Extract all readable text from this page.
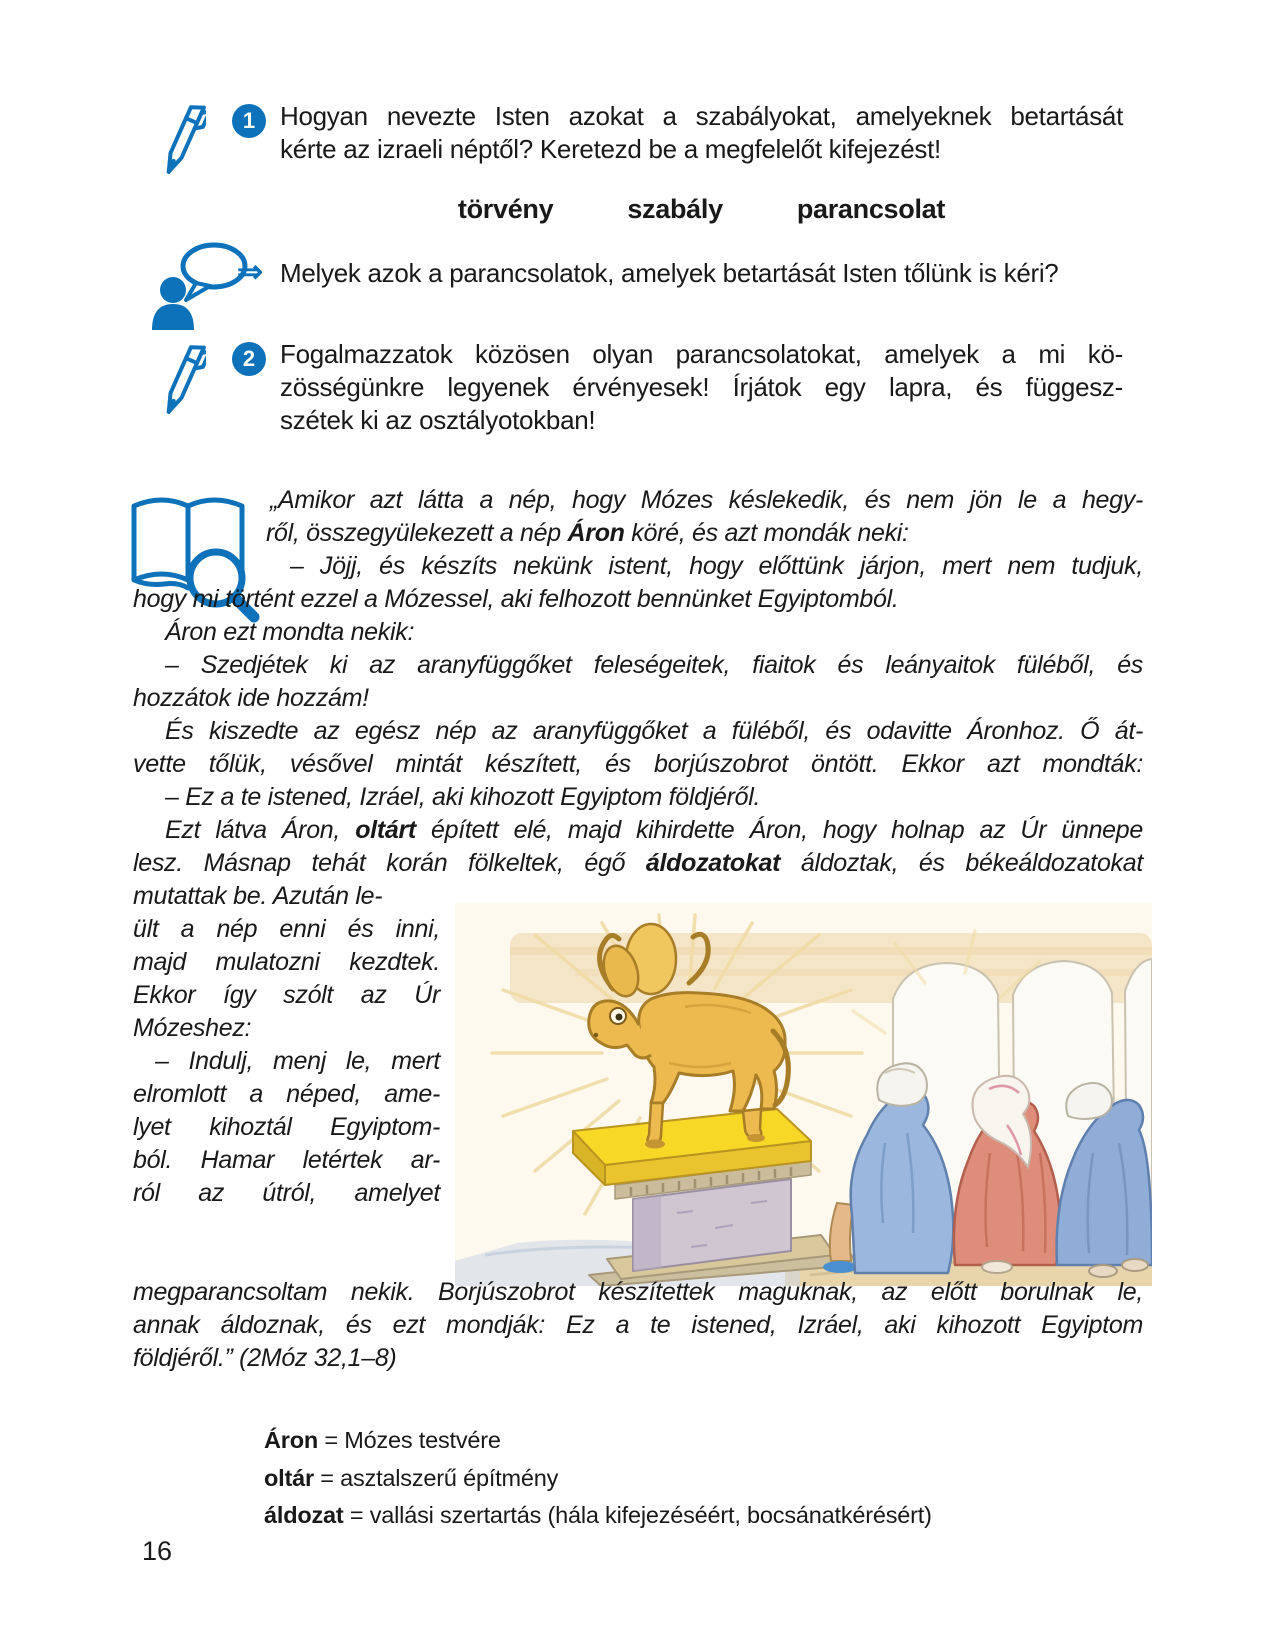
1 Hogyan nevezte Isten azokat a szabályokat, amelyeknek betartását
kérte az izraeli néptől? Keretezd be a megfelelőt kifejezést!
törvény	szabály	parancsolat
⇒ Melyek azok a parancsolatok, amelyek betartását Isten tőlünk is kéri?
2 Fogalmazzatok közösen olyan parancsolatokat, amelyek a mi kö-
zösségünkre legyenek érvényesek! Írjátok egy lapra, és függesz-
szétek ki az osztályotokban!
„Amikor azt látta a nép, hogy Mózes késlekedik, és nem jön le a hegy-
ről, összegyülekezett a nép Áron köré, és azt mondák neki:
– Jöjj, és készíts nekünk istent, hogy előttünk járjon, mert nem tudjuk,
hogy mi történt ezzel a Mózessel, aki felhozott bennünket Egyiptomból.
Áron ezt mondta nekik:
– Szedjétek ki az aranyfüggőket feleségeitek, fiaitok és leányaitok füléből, és
hozzátok ide hozzám!
És kiszedte az egész nép az aranyfüggőket a füléből, és odavitte Áronhoz. Ő át-
vette tőlük, vésővel mintát készített, és borjúszobrot öntött. Ekkor azt mondták:
– Ez a te istened, Izráel, aki kihozott Egyiptom földjéről.
Ezt látva Áron, oltárt épített elé, majd kihirdette Áron, hogy holnap az Úr ünnepe
lesz. Másnap tehát korán fölkeltek, égő áldozatokat áldoztak, és békeáldozatokat
mutattak be. Azután le-
ült a nép enni és inni,
majd mulatozni kezdtek.
Ekkor így szólt az Úr
Mózeshez:
– Indulj, menj le, mert
elromlott a néped, ame-
lyet kihoztál Egyiptom-
ból. Hamar letértek ar-
ról az útról, amelyet
megparancsoltam nekik. Borjúszobrot készítettek maguknak, az előtt borulnak le,
annak áldoznak, és ezt mondják: Ez a te istened, Izráel, aki kihozott Egyiptom
földjéről.” (2Móz 32,1–8)
Áron = Mózes testvére
oltár = asztalszerű építmény
áldozat = vallási szertartás (hála kifejezéséért, bocsánatkérésért)
16
